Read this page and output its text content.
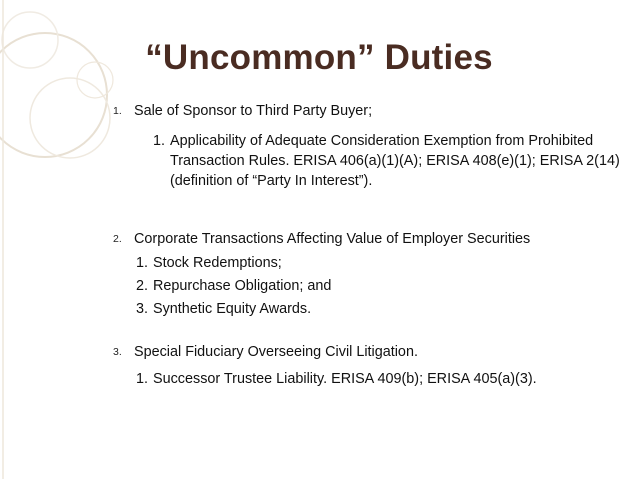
“Uncommon” Duties
1. Sale of Sponsor to Third Party Buyer;
1. Applicability of Adequate Consideration Exemption from Prohibited Transaction Rules. ERISA 406(a)(1)(A); ERISA 408(e)(1); ERISA 2(14) (definition of “Party In Interest”).
2. Corporate Transactions Affecting Value of Employer Securities
1. Stock Redemptions;
2. Repurchase Obligation; and
3. Synthetic Equity Awards.
3. Special Fiduciary Overseeing Civil Litigation.
1. Successor Trustee Liability. ERISA 409(b); ERISA 405(a)(3).
